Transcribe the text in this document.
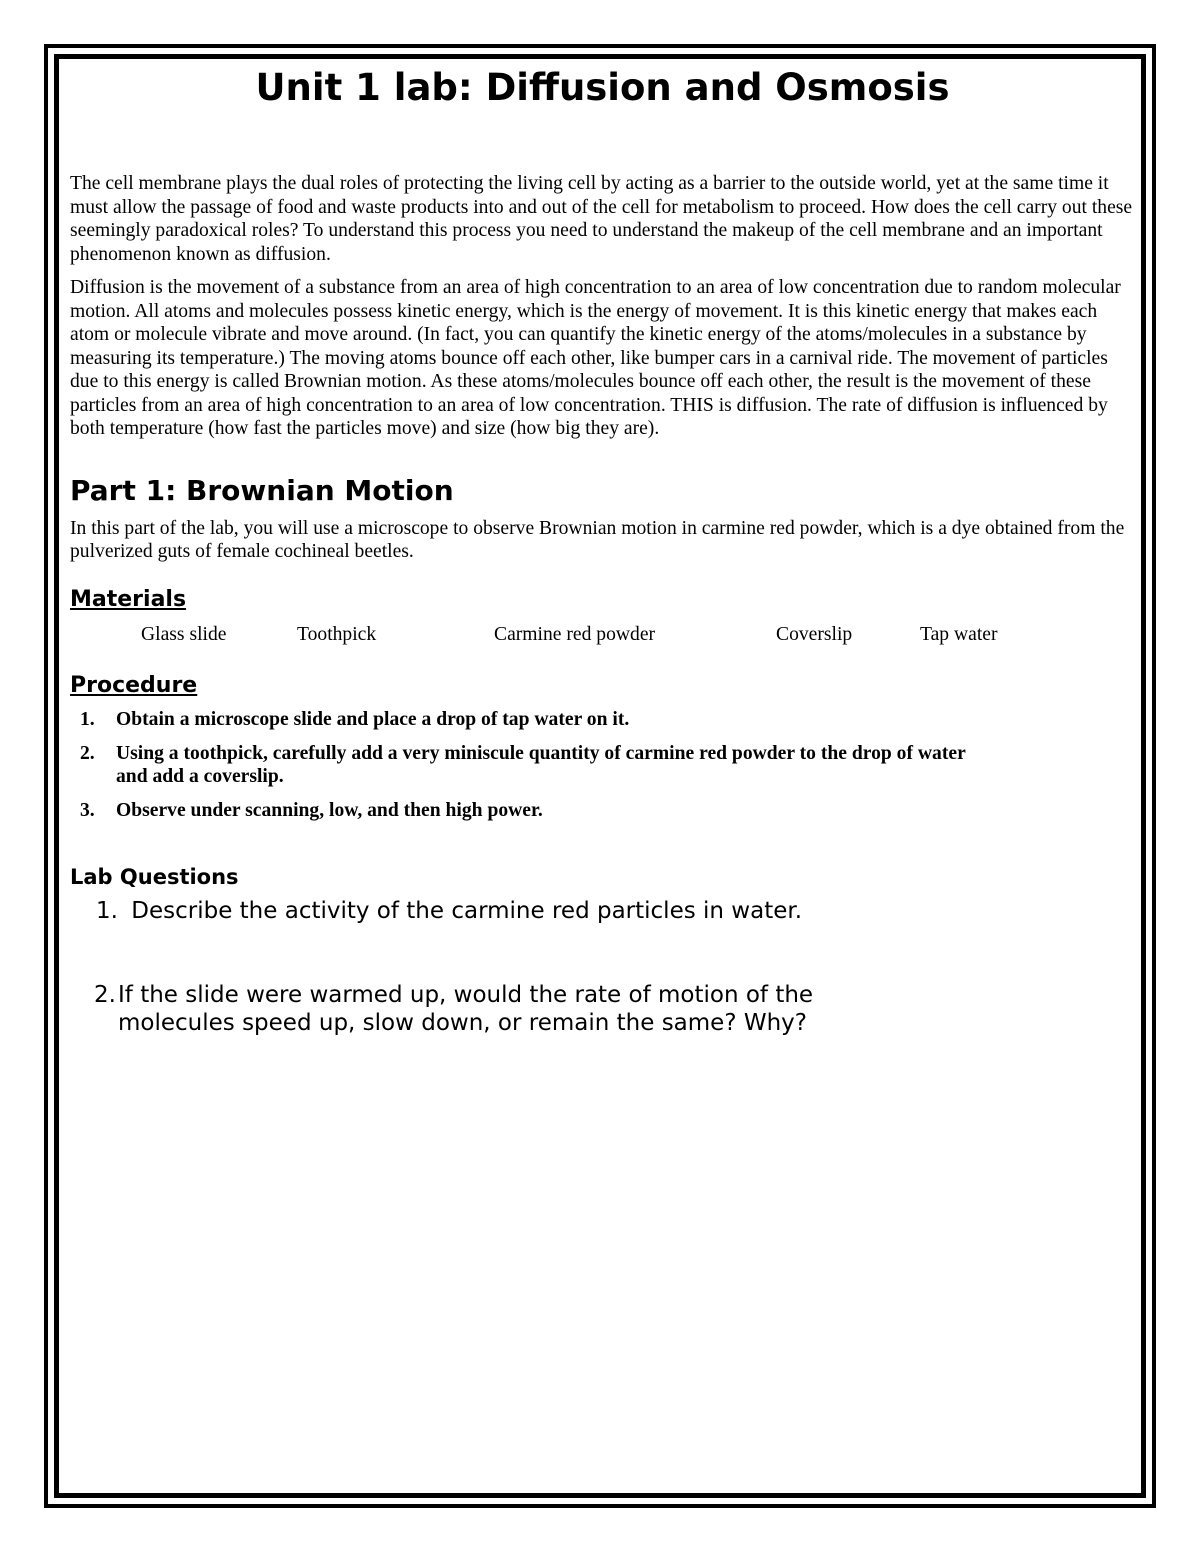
Unit 1 lab: Diffusion and Osmosis

The cell membrane plays the dual roles of protecting the living cell by acting as a barrier to the outside world, yet at the same time it must allow the passage of food and waste products into and out of the cell for metabolism to proceed. How does the cell carry out these seemingly paradoxical roles? To understand this process you need to understand the makeup of the cell membrane and an important phenomenon known as diffusion.

Diffusion is the movement of a substance from an area of high concentration to an area of low concentration due to random molecular motion. All atoms and molecules possess kinetic energy, which is the energy of movement. It is this kinetic energy that makes each atom or molecule vibrate and move around. (In fact, you can quantify the kinetic energy of the atoms/molecules in a substance by measuring its temperature.) The moving atoms bounce off each other, like bumper cars in a carnival ride. The movement of particles due to this energy is called Brownian motion. As these atoms/molecules bounce off each other, the result is the movement of these particles from an area of high concentration to an area of low concentration. THIS is diffusion. The rate of diffusion is influenced by both temperature (how fast the particles move) and size (how big they are).

Part 1: Brownian Motion

In this part of the lab, you will use a microscope to observe Brownian motion in carmine red powder, which is a dye obtained from the pulverized guts of female cochineal beetles.

Materials
Glass slide	Toothpick	Carmine red powder	Coverslip	Tap water
Procedure
1. Obtain a microscope slide and place a drop of tap water on it.
2. Using a toothpick, carefully add a very miniscule quantity of carmine red powder to the drop of water and add a coverslip.
3. Observe under scanning, low, and then high power.
Lab Questions

1. Describe the activity of the carmine red particles in water.

2. If the slide were warmed up, would the rate of motion of the molecules speed up, slow down, or remain the same? Why?
